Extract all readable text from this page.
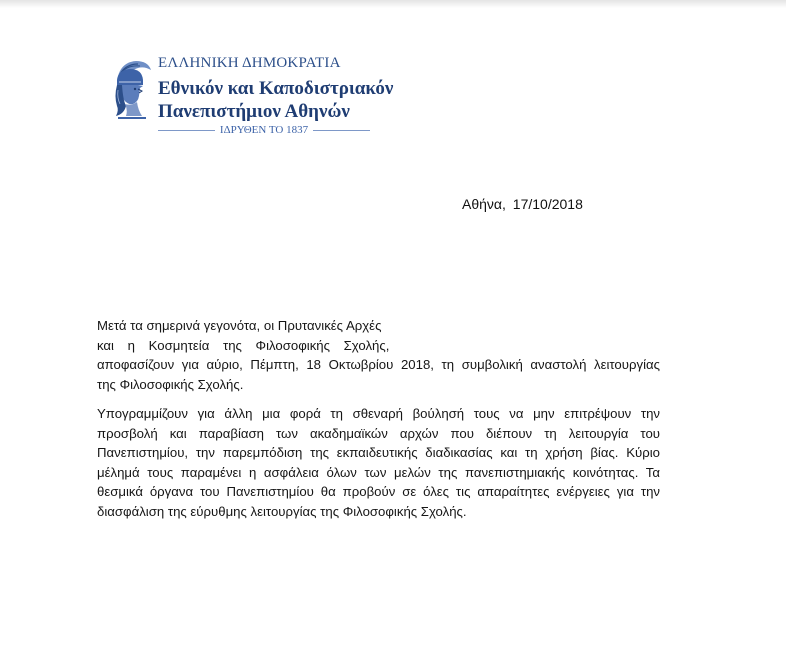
ΕΛΛΗΝΙΚΗ ΔΗΜΟΚΡΑΤΙΑ
Εθνικόν και Καποδιστριακόν
Πανεπιστήμιον Αθηνών
ΙΔΡΥΘΕΝ ΤΟ 1837
Αθήνα, 17/10/2018
Μετά τα σημερινά γεγονότα, οι Πρυτανικές Αρχές
και η Κοσμητεία της Φιλοσοφικής Σχολής,
αποφασίζουν για αύριο, Πέμπτη, 18 Οκτωβρίου 2018, τη συμβολική αναστολή λειτουργίας
της Φιλοσοφικής Σχολής.
Υπογραμμίζουν για άλλη μια φορά τη σθεναρή βούλησή τους να μην επιτρέψουν την
προσβολή και παραβίαση των ακαδημαϊκών αρχών που διέπουν τη λειτουργία του
Πανεπιστημίου, την παρεμπόδιση της εκπαιδευτικής διαδικασίας και τη χρήση βίας. Κύριο
μέλημά τους παραμένει η ασφάλεια όλων των μελών της πανεπιστημιακής κοινότητας. Τα
θεσμικά όργανα του Πανεπιστημίου θα προβούν σε όλες τις απαραίτητες ενέργειες για την
διασφάλιση της εύρυθμης λειτουργίας της Φιλοσοφικής Σχολής.
